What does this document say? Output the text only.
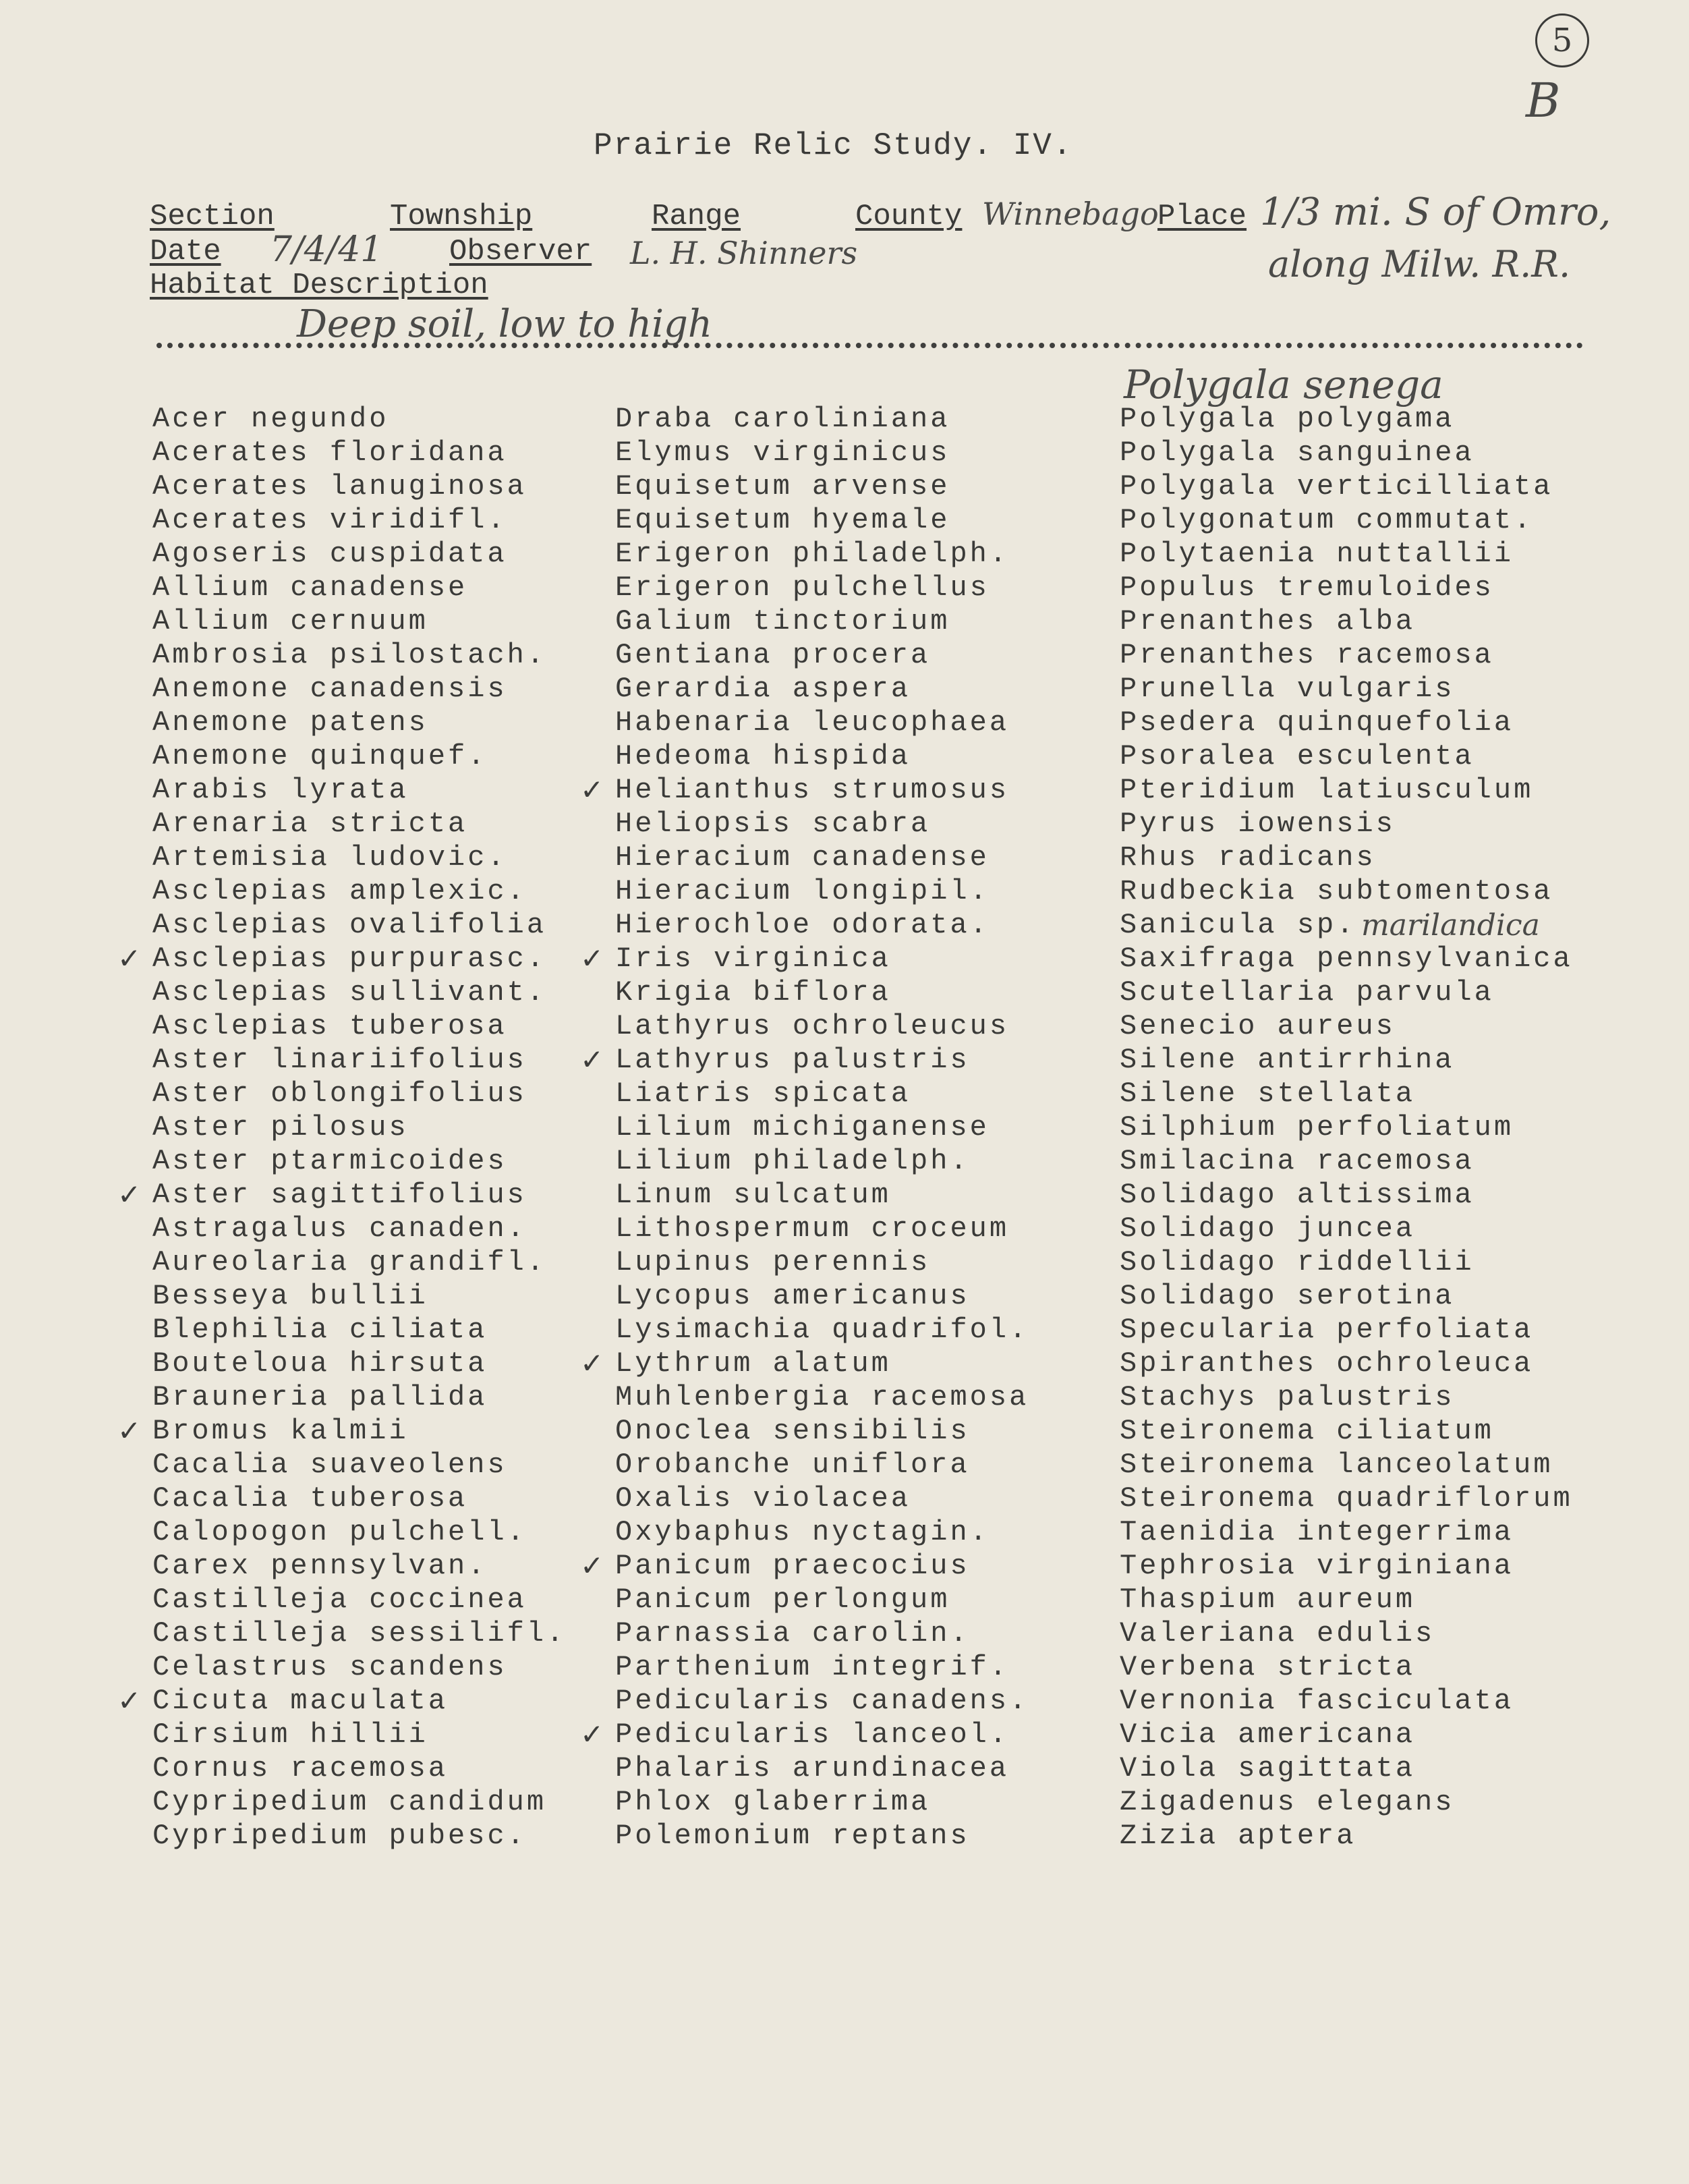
5
B
Prairie Relic Study. IV.
Section	Township	Range	County Winnebago
Place 1/3 mi. S of Omro,
along Milw. R.R.
Date 7/4/41 Observer L. H. Shinners
Habitat Description
Deep soil, low to high
Polygala senega
marilandica
Acer negundo
Acerates floridana
Acerates lanuginosa
Acerates viridifl.
Agoseris cuspidata
Allium canadense
Allium cernuum
Ambrosia psilostach.
Anemone canadensis
Anemone patens
Anemone quinquef.
Arabis lyrata
Arenaria stricta
Artemisia ludovic.
Asclepias amplexic.
Asclepias ovalifolia
✓ Asclepias purpurasc.
Asclepias sullivant.
Asclepias tuberosa
Aster linariifolius
Aster oblongifolius
Aster pilosus
Aster ptarmicoides
✓ Aster sagittifolius
Astragalus canaden.
Aureolaria grandifl.
Besseya bullii
Blephilia ciliata
Bouteloua hirsuta
Brauneria pallida
✓ Bromus kalmii
Cacalia suaveolens
Cacalia tuberosa
Calopogon pulchell.
Carex pennsylvan.
Castilleja coccinea
Castilleja sessilifl.
Celastrus scandens
✓ Cicuta maculata
Cirsium hillii
Cornus racemosa
Cypripedium candidum
Cypripedium pubesc.
Draba caroliniana
Elymus virginicus
Equisetum arvense
Equisetum hyemale
Erigeron philadelph.
Erigeron pulchellus
Galium tinctorium
Gentiana procera
Gerardia aspera
Habenaria leucophaea
Hedeoma hispida
✓ Helianthus strumosus
Heliopsis scabra
Hieracium canadense
Hieracium longipil.
Hierochloe odorata.
✓ Iris virginica
Krigia biflora
Lathyrus ochroleucus
✓ Lathyrus palustris
Liatris spicata
Lilium michiganense
Lilium philadelph.
Linum sulcatum
Lithospermum croceum
Lupinus perennis
Lycopus americanus
Lysimachia quadrifol.
✓ Lythrum alatum
Muhlenbergia racemosa
Onoclea sensibilis
Orobanche uniflora
Oxalis violacea
Oxybaphus nyctagin.
✓ Panicum praecocius
Panicum perlongum
Parnassia carolin.
Parthenium integrif.
Pedicularis canadens.
✓ Pedicularis lanceol.
Phalaris arundinacea
Phlox glaberrima
Polemonium reptans
Polygala polygama
Polygala sanguinea
Polygala verticilliata
Polygonatum commutat.
Polytaenia nuttallii
Populus tremuloides
Prenanthes alba
Prenanthes racemosa
Prunella vulgaris
Psedera quinquefolia
Psoralea esculenta
Pteridium latiusculum
Pyrus iowensis
Rhus radicans
Rudbeckia subtomentosa
Sanicula sp.
Saxifraga pennsylvanica
Scutellaria parvula
Senecio aureus
Silene antirrhina
Silene stellata
Silphium perfoliatum
Smilacina racemosa
Solidago altissima
Solidago juncea
Solidago riddellii
Solidago serotina
Specularia perfoliata
Spiranthes ochroleuca
Stachys palustris
Steironema ciliatum
Steironema lanceolatum
Steironema quadriflorum
Taenidia integerrima
Tephrosia virginiana
Thaspium aureum
Valeriana edulis
Verbena stricta
Vernonia fasciculata
Vicia americana
Viola sagittata
Zigadenus elegans
Zizia aptera
